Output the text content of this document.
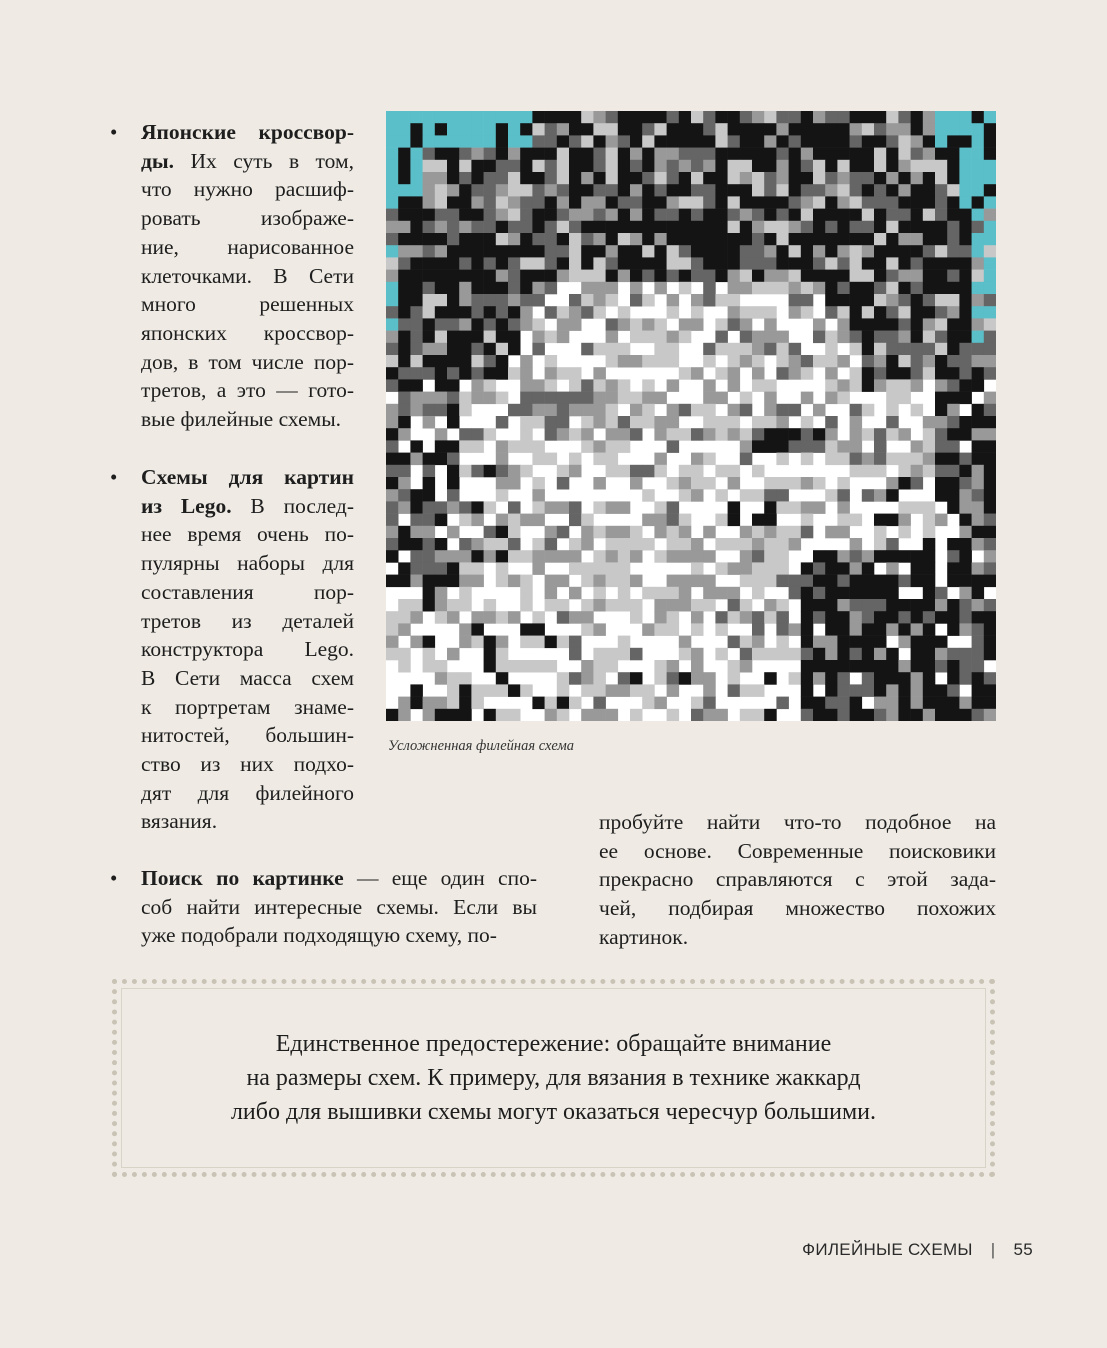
• Японские кроссвор-

ды. Их суть в том,

что нужно расшиф-

ровать изображе-

ние, нарисованное

клеточками. В Сети

много решенных

японских кроссвор-

дов, в том числе пор-

третов, а это — гото-

вые филейные схемы.

• Схемы для картин

из Lego. В послед-

нее время очень по-

пулярны наборы для

составления пор-

третов из деталей

конструктора Lego.

В Сети масса схем

к портретам знаме-

нитостей, большин-

ство из них подхо-

дят для филейного

вязания.

• Поиск по картинке — еще один спо-

соб найти интересные схемы. Если вы

уже подобрали подходящую схему, по-

пробуйте найти что-то подобное на

ее основе. Современные поисковики

прекрасно справляются с этой зада-

чей, подбирая множество похожих

картинок.

Усложненная филейная схема
Единственное предостережение: обращайте внимание
на размеры схем. К примеру, для вязания в технике жаккард
либо для вышивки схемы могут оказаться чересчур большими.
ФИЛЕЙНЫЕ СХЕМЫ | 55
